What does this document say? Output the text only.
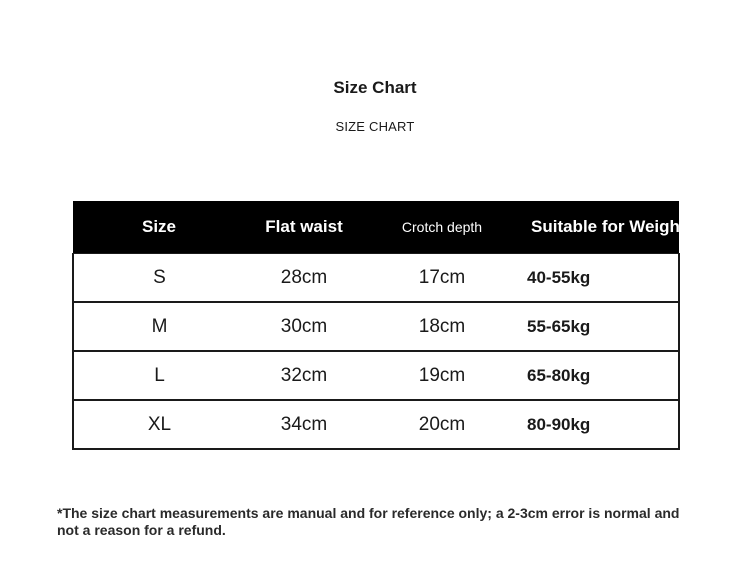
Size Chart
SIZE CHART
Size	Flat waist	Crotch depth	Suitable for Weight
S	28cm	17cm	40-55kg
M	30cm	18cm	55-65kg
L	32cm	19cm	65-80kg
XL	34cm	20cm	80-90kg
*The size chart measurements are manual and for reference only; a 2-3cm error is normal and not a reason for a refund.
